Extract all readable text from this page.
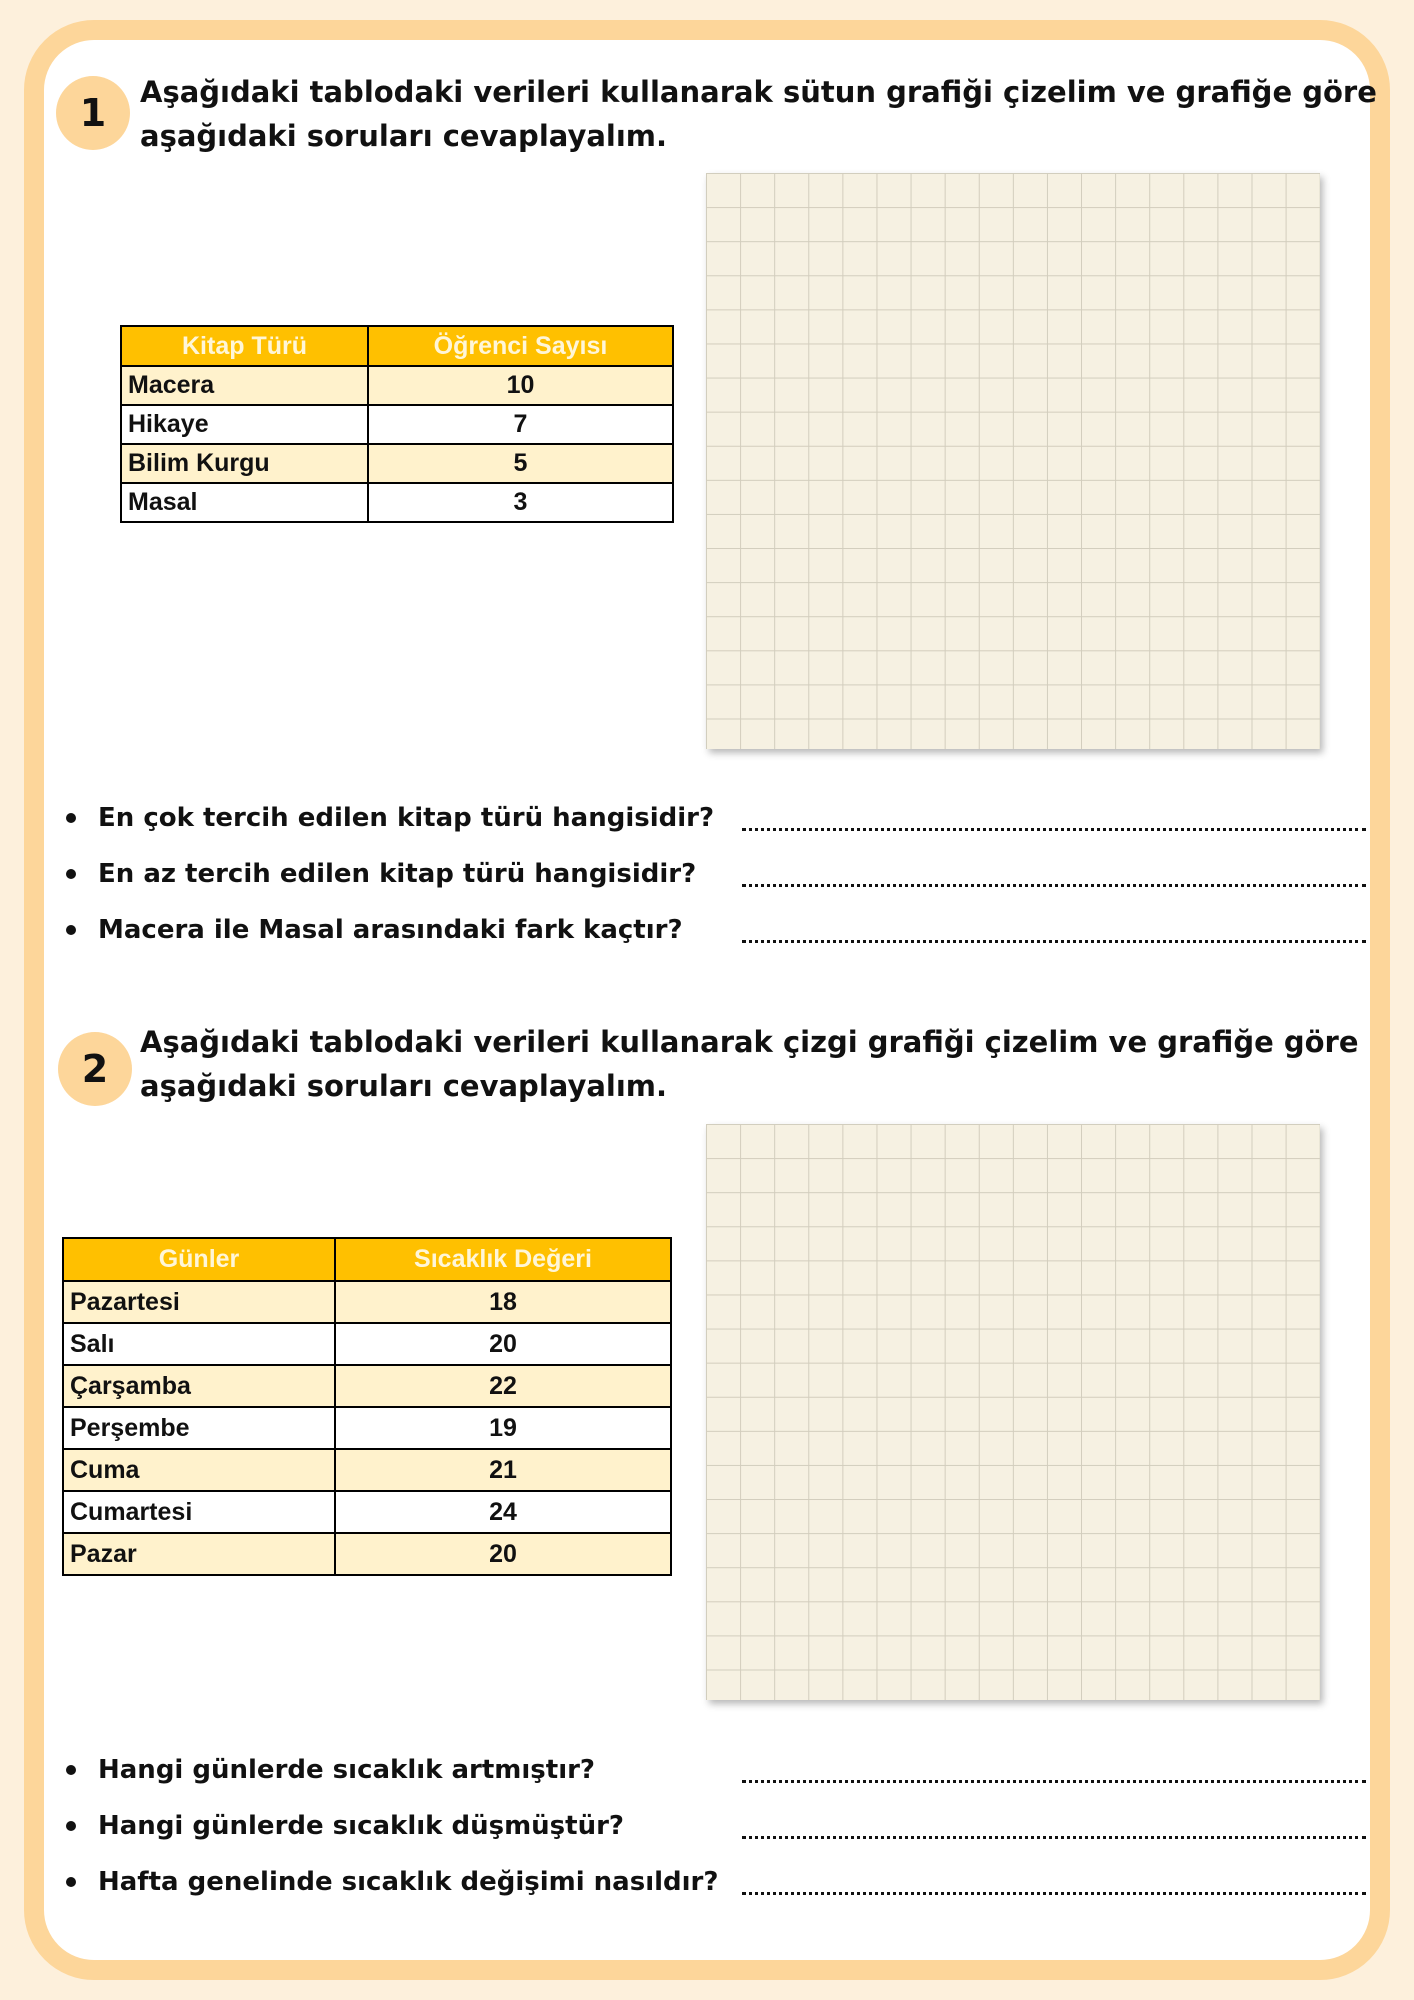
1	Aşağıdaki tablodaki verileri kullanarak sütun grafiği çizelim ve grafiğe göre
aşağıdaki soruları cevaplayalım.
Kitap Türü	Öğrenci Sayısı
Macera	10
Hikaye	7
Bilim Kurgu	5
Masal	3
En çok tercih edilen kitap türü hangisidir?
En az tercih edilen kitap türü hangisidir?
Macera ile Masal arasındaki fark kaçtır?
2
Aşağıdaki tablodaki verileri kullanarak çizgi grafiği çizelim ve grafiğe göre
aşağıdaki soruları cevaplayalım.
Günler	Sıcaklık Değeri
Pazartesi	18
Salı	20
Çarşamba	22
Perşembe	19
Cuma	21
Cumartesi	24
Pazar	20
Hangi günlerde sıcaklık artmıştır?
Hangi günlerde sıcaklık düşmüştür?
Hafta genelinde sıcaklık değişimi nasıldır?
